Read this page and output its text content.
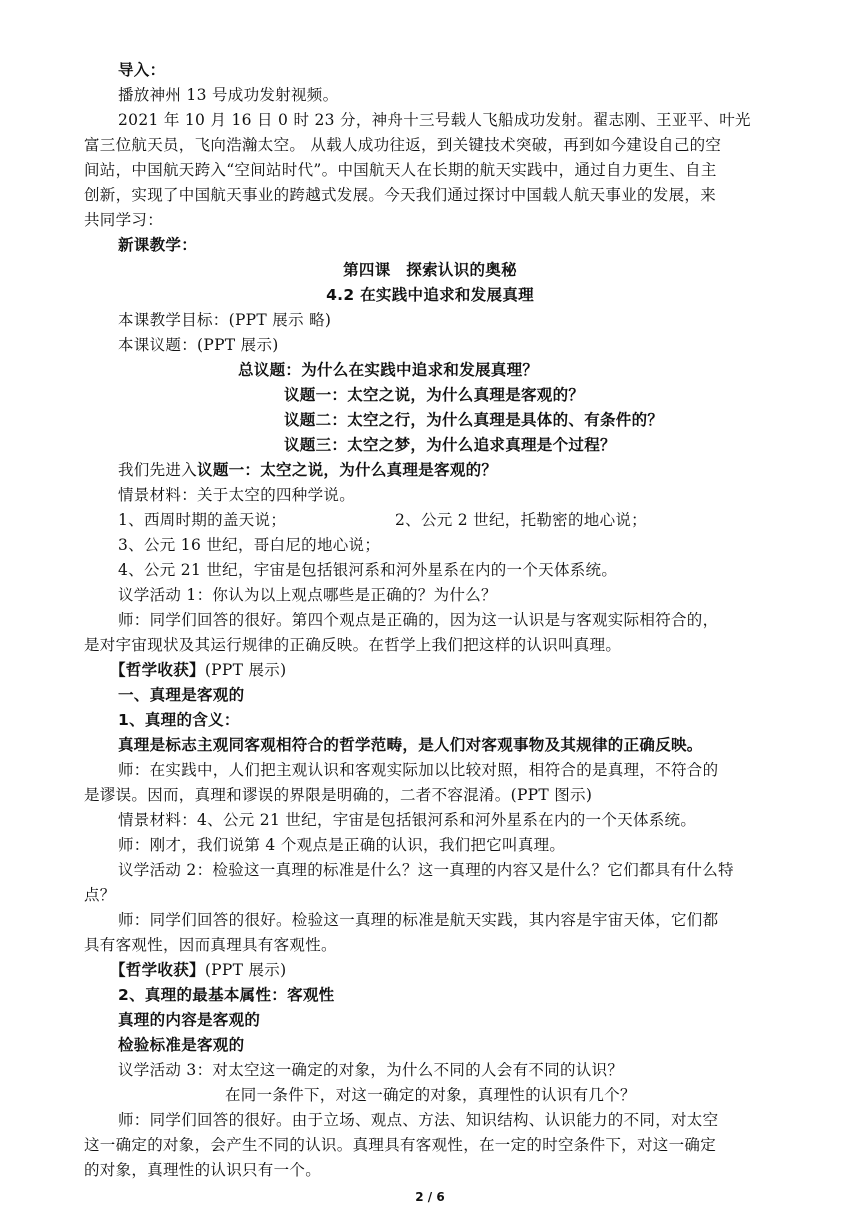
导入：
播放神州 13 号成功发射视频。
2021 年 10 月 16 日 0 时 23 分，神舟十三号载人飞船成功发射。翟志刚、王亚平、叶光
富三位航天员，飞向浩瀚太空。 从载人成功往返，到关键技术突破，再到如今建设自己的空
间站，中国航天跨入“空间站时代”。中国航天人在长期的航天实践中，通过自力更生、自主
创新，实现了中国航天事业的跨越式发展。今天我们通过探讨中国载人航天事业的发展，来
共同学习：
新课教学：
第四课　探索认识的奥秘
4.2 在实践中追求和发展真理
本课教学目标：(PPT 展示 略)
本课议题：(PPT 展示)
总议题：为什么在实践中追求和发展真理？
议题一：太空之说，为什么真理是客观的？
议题二：太空之行，为什么真理是具体的、有条件的？
议题三：太空之梦，为什么追求真理是个过程？
我们先进入议题一：太空之说，为什么真理是客观的？
情景材料：关于太空的四种学说。
1、西周时期的盖天说；	2、公元 2 世纪，托勒密的地心说；
3、公元 16 世纪，哥白尼的地心说；
4、公元 21 世纪，宇宙是包括银河系和河外星系在内的一个天体系统。
议学活动 1：你认为以上观点哪些是正确的？为什么？
师：同学们回答的很好。第四个观点是正确的，因为这一认识是与客观实际相符合的，
是对宇宙现状及其运行规律的正确反映。在哲学上我们把这样的认识叫真理。
【哲学收获】(PPT 展示)
一、真理是客观的
1、真理的含义：
真理是标志主观同客观相符合的哲学范畴，是人们对客观事物及其规律的正确反映。
师：在实践中，人们把主观认识和客观实际加以比较对照，相符合的是真理，不符合的
是谬误。因而，真理和谬误的界限是明确的，二者不容混淆。(PPT 图示)
情景材料：4、公元 21 世纪，宇宙是包括银河系和河外星系在内的一个天体系统。
师：刚才，我们说第 4 个观点是正确的认识，我们把它叫真理。
议学活动 2：检验这一真理的标准是什么？这一真理的内容又是什么？它们都具有什么特
点？
师：同学们回答的很好。检验这一真理的标准是航天实践，其内容是宇宙天体，它们都
具有客观性，因而真理具有客观性。
【哲学收获】(PPT 展示)
2、真理的最基本属性：客观性
真理的内容是客观的
检验标准是客观的
议学活动 3：对太空这一确定的对象，为什么不同的人会有不同的认识？
在同一条件下，对这一确定的对象，真理性的认识有几个？
师：同学们回答的很好。由于立场、观点、方法、知识结构、认识能力的不同，对太空
这一确定的对象，会产生不同的认识。真理具有客观性，在一定的时空条件下，对这一确定
的对象，真理性的认识只有一个。
2 / 6
